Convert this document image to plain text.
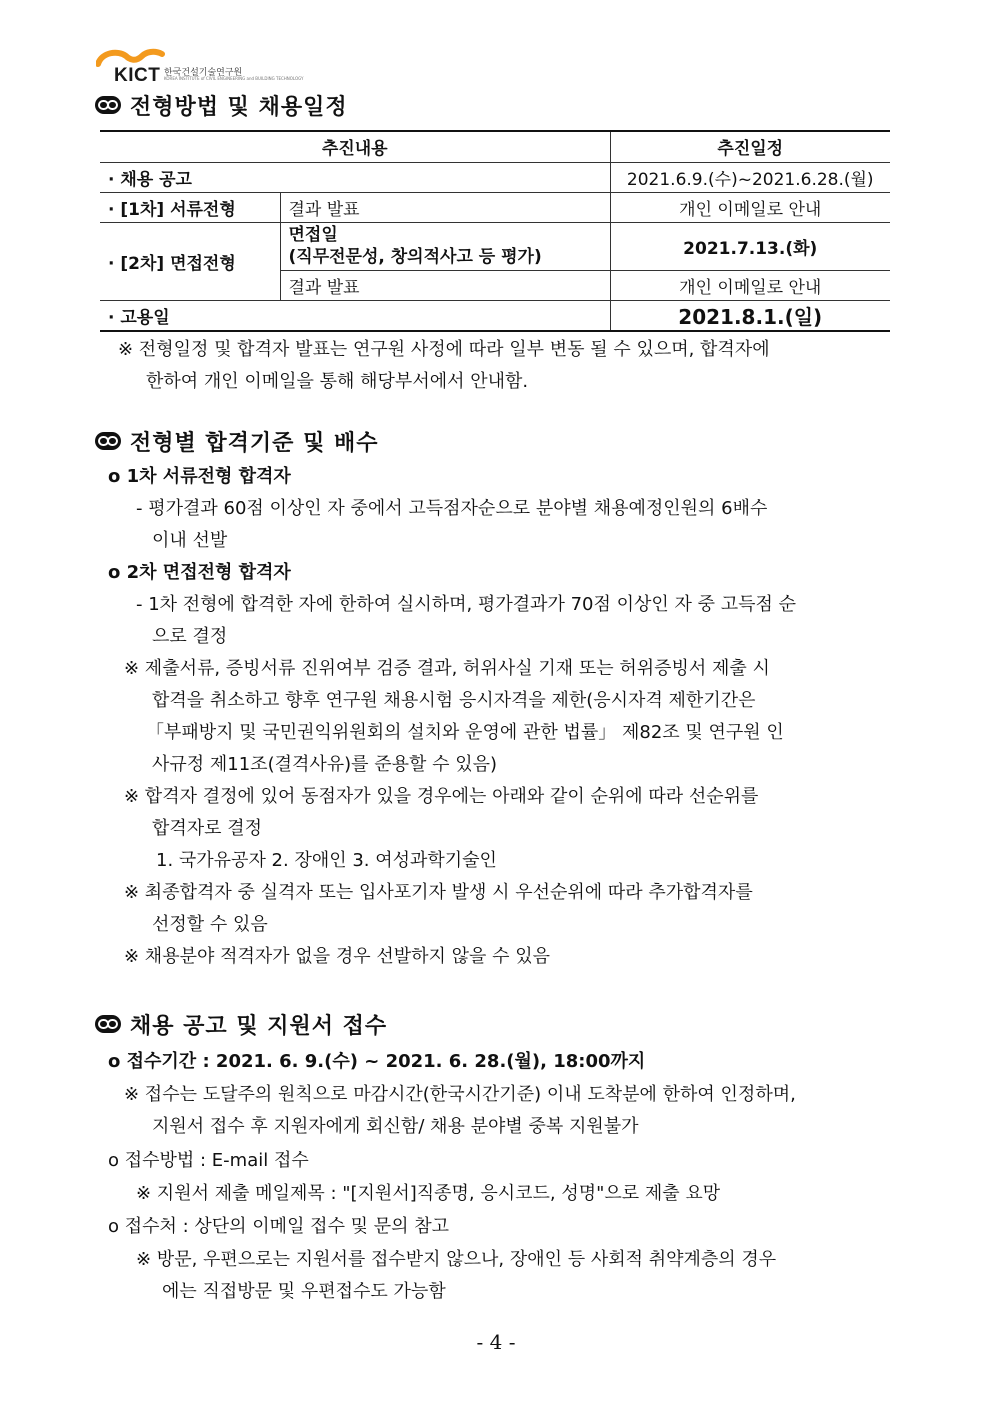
KICT 한국건설기술연구원
KOREA INSTITUTE of CIVIL ENGINEERING and BUILDING TECHNOLOGY
전형방법 및 채용일정
추진내용		추진일정
· 채용 공고		2021.6.9.(수)~2021.6.28.(월)
· [1차] 서류전형	결과 발표	개인 이메일로 안내
· [2차] 면접전형	면접일
(직무전문성, 창의적사고 등 평가)	2021.7.13.(화)
	결과 발표	개인 이메일로 안내
· 고용일		2021.8.1.(일)
※ 전형일정 및 합격자 발표는 연구원 사정에 따라 일부 변동 될 수 있으며, 합격자에
한하여 개인 이메일을 통해 해당부서에서 안내함.
전형별 합격기준 및 배수
o 1차 서류전형 합격자
- 평가결과 60점 이상인 자 중에서 고득점자순으로 분야별 채용예정인원의 6배수
이내 선발
o 2차 면접전형 합격자
- 1차 전형에 합격한 자에 한하여 실시하며, 평가결과가 70점 이상인 자 중 고득점 순
으로 결정
※ 제출서류, 증빙서류 진위여부 검증 결과, 허위사실 기재 또는 허위증빙서 제출 시
합격을 취소하고 향후 연구원 채용시험 응시자격을 제한(응시자격 제한기간은
「부패방지 및 국민권익위원회의 설치와 운영에 관한 법률」 제82조 및 연구원 인
사규정 제11조(결격사유)를 준용할 수 있음)
※ 합격자 결정에 있어 동점자가 있을 경우에는 아래와 같이 순위에 따라 선순위를
합격자로 결정
1. 국가유공자 2. 장애인 3. 여성과학기술인
※ 최종합격자 중 실격자 또는 입사포기자 발생 시 우선순위에 따라 추가합격자를
선정할 수 있음
※ 채용분야 적격자가 없을 경우 선발하지 않을 수 있음
채용 공고 및 지원서 접수
o 접수기간 : 2021. 6. 9.(수) ~ 2021. 6. 28.(월), 18:00까지
※ 접수는 도달주의 원칙으로 마감시간(한국시간기준) 이내 도착분에 한하여 인정하며,
지원서 접수 후 지원자에게 회신함/ 채용 분야별 중복 지원불가
o 접수방법 : E-mail 접수
※ 지원서 제출 메일제목 : "[지원서]직종명, 응시코드, 성명"으로 제출 요망
o 접수처 : 상단의 이메일 접수 및 문의 참고
※ 방문, 우편으로는 지원서를 접수받지 않으나, 장애인 등 사회적 취약계층의 경우
에는 직접방문 및 우편접수도 가능함
- 4 -
